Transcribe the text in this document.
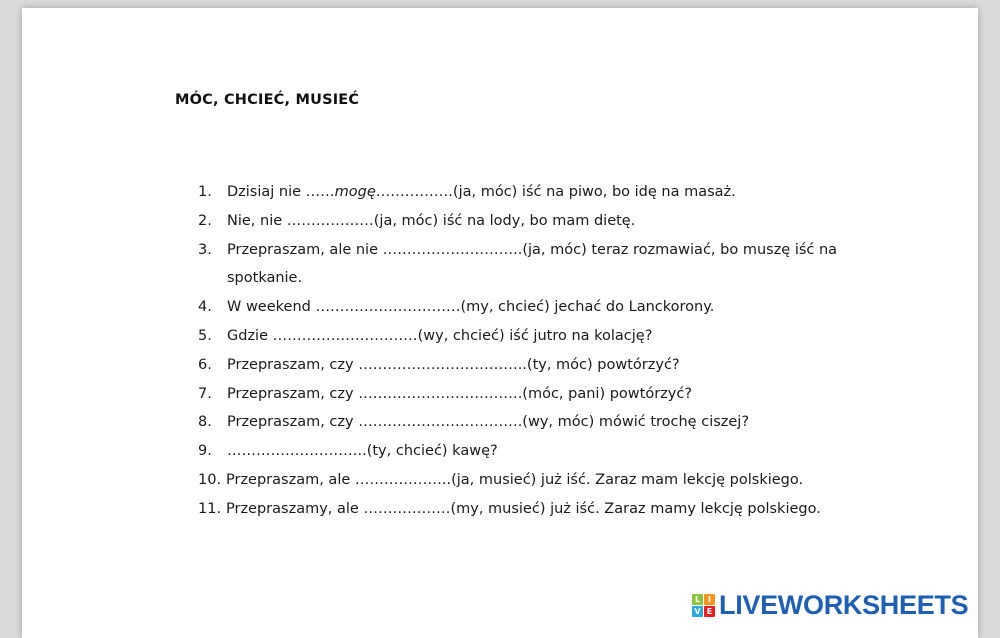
MÓC, CHCIEĆ, MUSIEĆ
1.	Dzisiaj nie ……mogę…………….(ja, móc) iść na piwo, bo idę na masaż.
2.	Nie, nie ………………(ja, móc) iść na lody, bo mam dietę.
3.	Przepraszam, ale nie ………………………..(ja, móc) teraz rozmawiać, bo muszę iść na spotkanie.
4.	W weekend …………………………(my, chcieć) jechać do Lanckorony.
5.	Gdzie …………………………(wy, chcieć) iść jutro na kolację?
6.	Przepraszam, czy ……………………………..(ty, móc) powtórzyć?
7.	Przepraszam, czy …………………………….(móc, pani) powtórzyć?
8.	Przepraszam, czy …………………………….(wy, móc) mówić trochę ciszej?
9.	………………………..(ty, chcieć) kawę?
10. Przepraszam, ale ………………..(ja, musieć) już iść. Zaraz mam lekcję polskiego.
11. Przepraszamy, ale ………………(my, musieć) już iść. Zaraz mamy lekcję polskiego.
L I
V E LIVEWORKSHEETS
